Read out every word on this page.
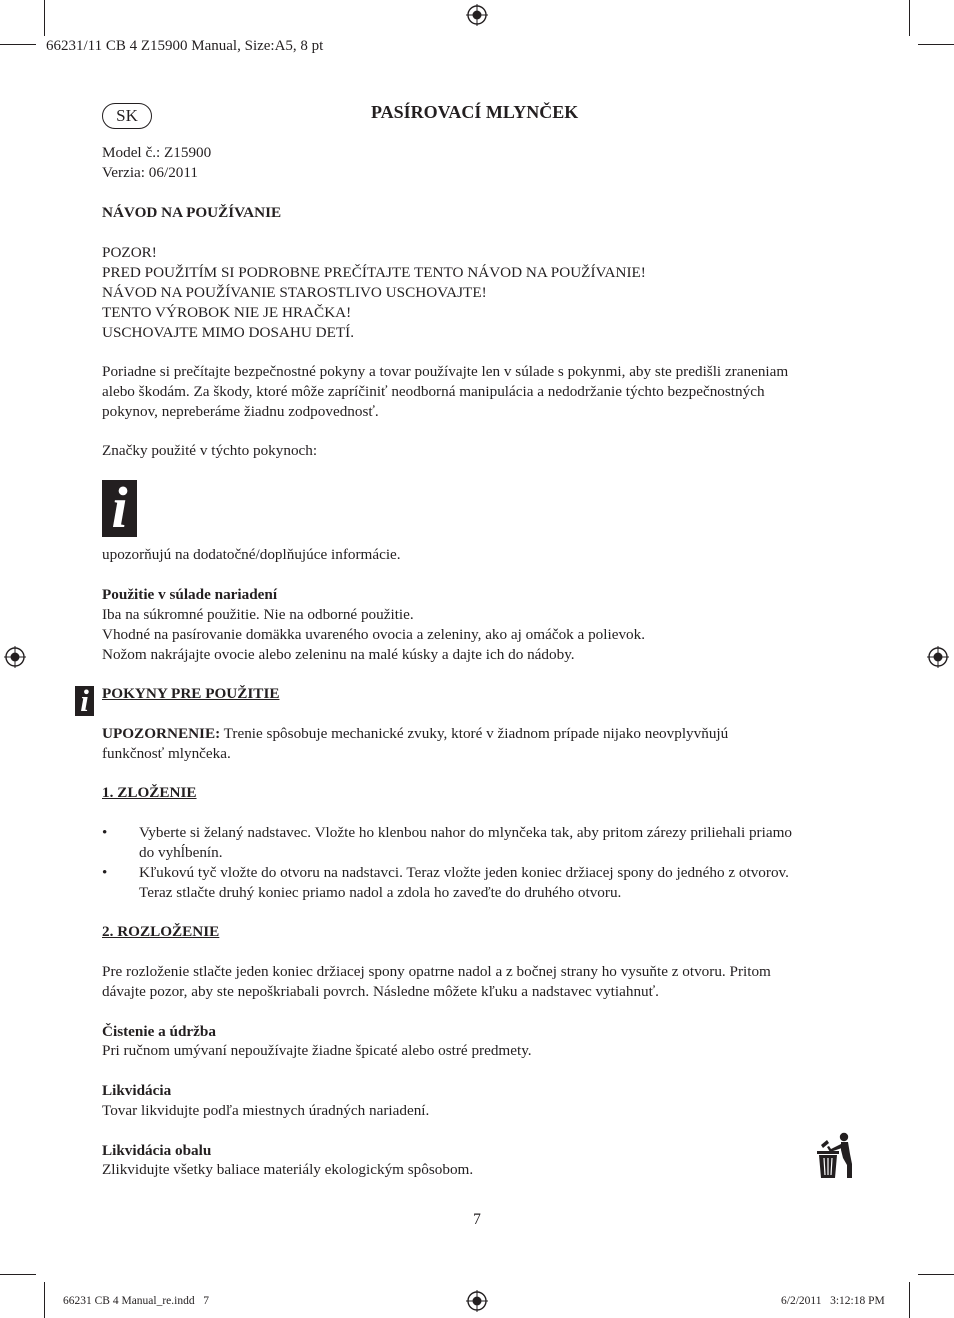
66231/11 CB 4 Z15900 Manual, Size:A5, 8 pt
SK	PASÍROVACÍ MLYNČEK
Model č.: Z15900
Verzia: 06/2011
NÁVOD NA POUŽÍVANIE
POZOR!
PRED POUŽITÍM SI PODROBNE PREČÍTAJTE TENTO NÁVOD NA POUŽÍVANIE!
NÁVOD NA POUŽÍVANIE STAROSTLIVO USCHOVAJTE!
TENTO VÝROBOK NIE JE HRAČKA!
USCHOVAJTE MIMO DOSAHU DETÍ.
Poriadne si prečítajte bezpečnostné pokyny a tovar používajte len v súlade s pokynmi, aby ste predišli zraneniam
alebo škodám. Za škody, ktoré môže zapríčiniť neodborná manipulácia a nedodržanie týchto bezpečnostných
pokynov, nepreberáme žiadnu zodpovednosť.
Značky použité v týchto pokynoch:
i
upozorňujú na dodatočné/doplňujúce informácie.
Použitie v súlade nariadení
Iba na súkromné použitie. Nie na odborné použitie.
Vhodné na pasírovanie domäkka uvareného ovocia a zeleniny, ako aj omáčok a polievok.
Nožom nakrájajte ovocie alebo zeleninu na malé kúsky a dajte ich do nádoby.
i POKYNY PRE POUŽITIE
UPOZORNENIE: Trenie spôsobuje mechanické zvuky, ktoré v žiadnom prípade nijako neovplyvňujú
funkčnosť mlynčeka.
1. ZLOŽENIE
• Vyberte si želaný nadstavec. Vložte ho klenbou nahor do mlynčeka tak, aby pritom zárezy priliehali priamo
do vyhĺbenín.
• Kľukovú tyč vložte do otvoru na nadstavci. Teraz vložte jeden koniec držiacej spony do jedného z otvorov.
Teraz stlačte druhý koniec priamo nadol a zdola ho zaveďte do druhého otvoru.
2. ROZLOŽENIE
Pre rozloženie stlačte jeden koniec držiacej spony opatrne nadol a z bočnej strany ho vysuňte z otvoru. Pritom
dávajte pozor, aby ste nepoškriabali povrch. Následne môžete kľuku a nadstavec vytiahnuť.
Čistenie a údržba
Pri ručnom umývaní nepoužívajte žiadne špicaté alebo ostré predmety.
Likvidácia
Tovar likvidujte podľa miestnych úradných nariadení.
Likvidácia obalu
Zlikvidujte všetky baliace materiály ekologickým spôsobom.
7
66231 CB 4 Manual_re.indd   7	6/2/2011   3:12:18 PM
